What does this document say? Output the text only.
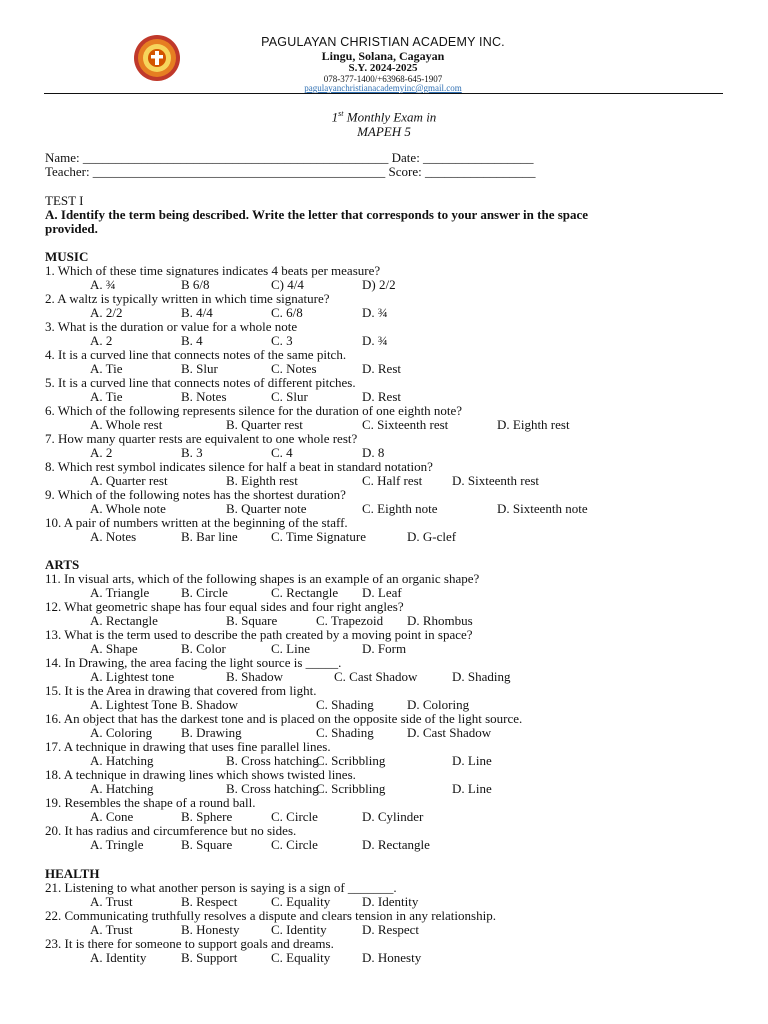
PAGULAYAN CHRISTIAN ACADEMY INC.
Lingu, Solana, Cagayan
S.Y. 2024-2025
078-377-1400/+63968-645-1907
pagulayanchristianacademyinc@gmail.com
1st Monthly Exam in
MAPEH 5
Name: _______________________________________________ Date: _________________
Teacher: _____________________________________________ Score: _________________
TEST I
A. Identify the term being described. Write the letter that corresponds to your answer in the space
provided.
MUSIC
ARTS
HEALTH
1. Which of these time signatures indicates 4 beats per measure?
A. ¾	B 6/8	C) 4/4	D) 2/2
2. A waltz is typically written in which time signature?
A. 2/2	B. 4/4	C. 6/8	D. ¾
3. What is the duration or value for a whole note
A. 2	B. 4	C. 3	D. ¾
4. It is a curved line that connects notes of the same pitch.
A. Tie	B. Slur	C. Notes	D. Rest
5. It is a curved line that connects notes of different pitches.
A. Tie	B. Notes	C. Slur	D. Rest
6. Which of the following represents silence for the duration of one eighth note?
A. Whole rest	B. Quarter rest	C. Sixteenth rest	D. Eighth rest
7. How many quarter rests are equivalent to one whole rest?
A. 2	B. 3	C. 4	D. 8
8. Which rest symbol indicates silence for half a beat in standard notation?
A. Quarter rest	B. Eighth rest	C. Half rest D. Sixteenth rest
9. Which of the following notes has the shortest duration?
A. Whole note	B. Quarter note	C. Eighth note	D. Sixteenth note
10. A pair of numbers written at the beginning of the staff.
A. Notes	B. Bar line	C. Time Signature	D. G-clef
11. In visual arts, which of the following shapes is an example of an organic shape?
A. Triangle B. Circle	C. Rectangle D. Leaf
12. What geometric shape has four equal sides and four right angles?
A. Rectangle	B. Square	C. Trapezoid D. Rhombus
13. What is the term used to describe the path created by a moving point in space?
A. Shape	B. Color	C. Line	D. Form
14. In Drawing, the area facing the light source is _____.
A. Lightest tone	B. Shadow	C. Cast Shadow	D. Shading
15. It is the Area in drawing that covered from light.
A. Lightest Tone B. Shadow	C. Shading	D. Coloring
16. An object that has the darkest tone and is placed on the opposite side of the light source.
A. Coloring B. Drawing	C. Shading	D. Cast Shadow
17. A technique in drawing that uses fine parallel lines.
A. Hatching	B. Cross hatching
C. Scribbling	D. Line
18. A technique in drawing lines which shows twisted lines.
A. Hatching	B. Cross hatching
C. Scribbling	D. Line
19. Resembles the shape of a round ball.
A. Cone	B. Sphere	C. Circle	D. Cylinder
20. It has radius and circumference but no sides.
A. Tringle	B. Square	C. Circle	D. Rectangle
21. Listening to what another person is saying is a sign of _______.
A. Trust	B. Respect	C. Equality D. Identity
22. Communicating truthfully resolves a dispute and clears tension in any relationship.
A. Trust	B. Honesty C. Identity	D. Respect
23. It is there for someone to support goals and dreams.
A. Identity	B. Support	C. Equality D. Honesty
